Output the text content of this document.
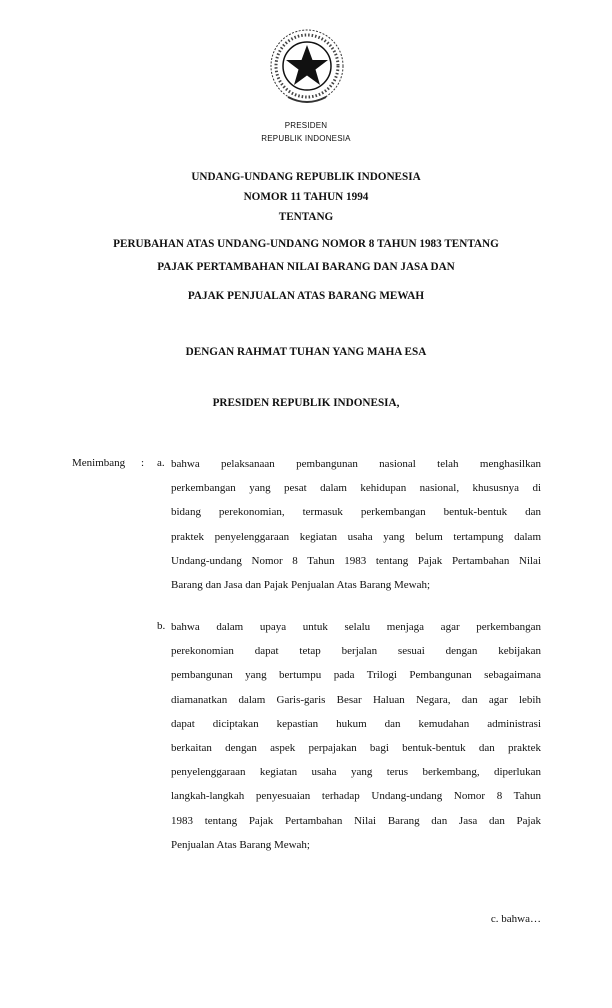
PRESIDEN
REPUBLIK INDONESIA
UNDANG-UNDANG REPUBLIK INDONESIA
NOMOR 11 TAHUN 1994
TENTANG
PERUBAHAN ATAS UNDANG-UNDANG NOMOR 8 TAHUN 1983 TENTANG
PAJAK PERTAMBAHAN NILAI BARANG DAN JASA DAN
PAJAK PENJUALAN ATAS BARANG MEWAH
DENGAN RAHMAT TUHAN YANG MAHA ESA
PRESIDEN REPUBLIK INDONESIA,
Menimbang : a. bahwa pelaksanaan pembangunan nasional telah menghasilkan
perkembangan yang pesat dalam kehidupan nasional, khususnya di
bidang perekonomian, termasuk perkembangan bentuk-bentuk dan
praktek penyelenggaraan kegiatan usaha yang belum tertampung dalam
Undang-undang Nomor 8 Tahun 1983 tentang Pajak Pertambahan Nilai
Barang dan Jasa dan Pajak Penjualan Atas Barang Mewah;
b. bahwa dalam upaya untuk selalu menjaga agar perkembangan
perekonomian dapat tetap berjalan sesuai dengan kebijakan
pembangunan yang bertumpu pada Trilogi Pembangunan sebagaimana
diamanatkan dalam Garis-garis Besar Haluan Negara, dan agar lebih
dapat diciptakan kepastian hukum dan kemudahan administrasi
berkaitan dengan aspek perpajakan bagi bentuk-bentuk dan praktek
penyelenggaraan kegiatan usaha yang terus berkembang, diperlukan
langkah-langkah penyesuaian terhadap Undang-undang Nomor 8 Tahun
1983 tentang Pajak Pertambahan Nilai Barang dan Jasa dan Pajak
Penjualan Atas Barang Mewah;
c. bahwa…
